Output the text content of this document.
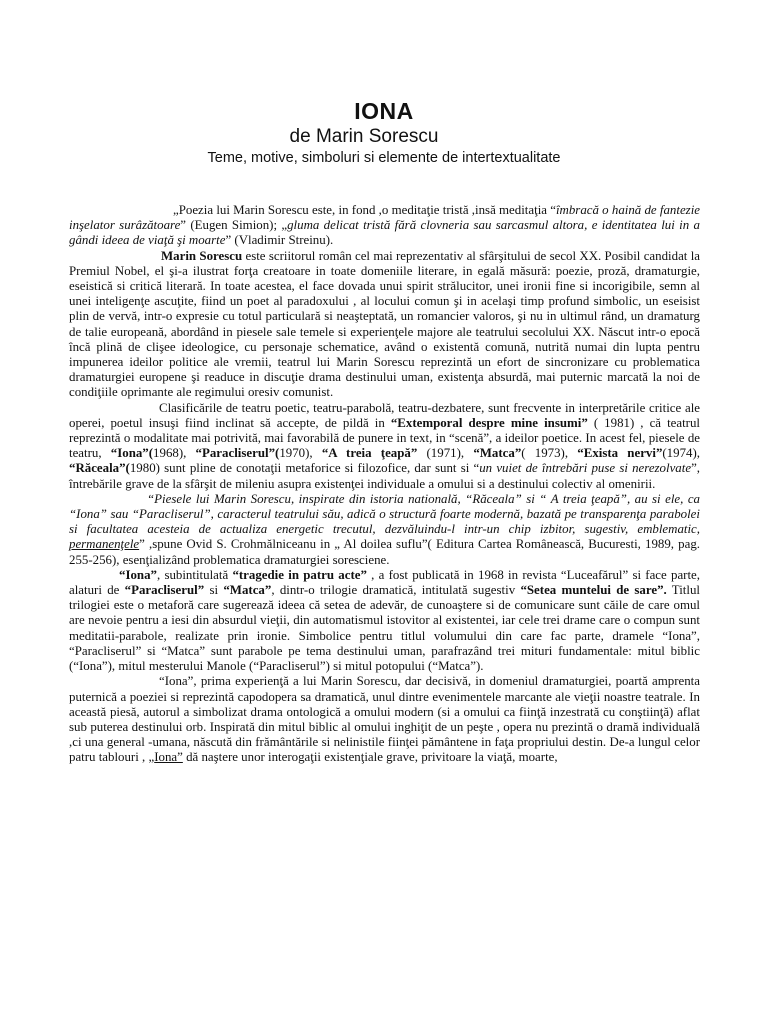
IONA
de Marin Sorescu
Teme, motive, simboluri si elemente de intertextualitate

„Poezia lui Marin Sorescu este, in fond ,o meditaţie tristă ,insă meditaţia “îmbracă o haină de fantezie inşelator surâzătoare” (Eugen Simion); „gluma delicat tristă fără clovneria sau sarcasmul altora, e identitatea lui in a gândi ideea de viaţă şi moarte” (Vladimir Streinu).

Marin Sorescu este scriitorul român cel mai reprezentativ al sfârşitului de secol XX. Posibil candidat la Premiul Nobel, el şi-a ilustrat forţa creatoare in toate domeniile literare, in egală măsură: poezie, proză, dramaturgie, eseistică si critică literară. In toate acestea, el face dovada unui spirit strălucitor, unei ironii fine si incorigibile, semn al unei inteligenţe ascuţite, fiind un poet al paradoxului , al locului comun şi in acelaşi timp profund simbolic, un eseisist plin de vervă, intr-o expresie cu totul particulară si neaşteptată, un romancier valoros, şi nu in ultimul rând, un dramaturg de talie europeană, abordând in piesele sale temele si experienţele majore ale teatrului secolului XX. Născut intr-o epocă încă plină de clişee ideologice, cu personaje schematice, având o existentă comună, nutrită numai din lupta pentru impunerea ideilor politice ale vremii, teatrul lui Marin Sorescu reprezintă un efort de sincronizare cu problematica dramaturgiei europene şi readuce in discuţie drama destinului uman, existenţa absurdă, mai puternic marcată la noi de condiţiile oprimante ale regimului oresiv comunist.

Clasificările de teatru poetic, teatru-parabolă, teatru-dezbatere, sunt frecvente in interpretările critice ale operei, poetul insuşi fiind inclinat să accepte, de pildă in “Extemporal despre mine insumi” ( 1981) , că teatrul reprezintă o modalitate mai potrivită, mai favorabilă de punere in text, in “scenă”, a ideilor poetice. In acest fel, piesele de teatru, “Iona”(1968), “Paracliserul”(1970), “A treia ţeapă” (1971), “Matca”( 1973), “Exista nervi”(1974), “Răceala”(1980) sunt pline de conotaţii metaforice si filozofice, dar sunt si “un vuiet de întrebări puse si nerezolvate”, întrebările grave de la sfârşit de mileniu asupra existenţei individuale a omului si a destinului colectiv al omenirii.

“Piesele lui Marin Sorescu, inspirate din istoria natională, “Răceala” si “ A treia ţeapă”, au si ele, ca “Iona” sau “Paracliserul”, caracterul teatrului său, adică o structură foarte modernă, bazată pe transparenţa parabolei si facultatea acesteia de actualiza energetic trecutul, dezvăluindu-l intr-un chip izbitor, sugestiv, emblematic, permanenţele” ,spune Ovid S. Crohmălniceanu in „ Al doilea suflu”( Editura Cartea Românească, Bucuresti, 1989, pag. 255-256), esenţializând problematica dramaturgiei soresciene.

“Iona”, subintitulată “tragedie in patru acte” , a fost publicată in 1968 in revista “Luceafărul” si face parte, alaturi de “Paracliserul” si “Matca”, dintr-o trilogie dramatică, intitulată sugestiv “Setea muntelui de sare”. Titlul trilogiei este o metaforă care sugerează ideea că setea de adevăr, de cunoaştere si de comunicare sunt căile de care omul are nevoie pentru a iesi din absurdul vieţii, din automatismul istovitor al existentei, iar cele trei drame care o compun sunt meditatii-parabole, realizate prin ironie. Simbolice pentru titlul volumului din care fac parte, dramele “Iona”, “Paracliserul” si “Matca” sunt parabole pe tema destinului uman, parafrazând trei mituri fundamentale: mitul biblic (“Iona”), mitul mesterului Manole (“Paracliserul”) si mitul potopului (“Matca”).

“Iona”, prima experienţă a lui Marin Sorescu, dar decisivă, in domeniul dramaturgiei, poartă amprenta puternică a poeziei si reprezintă capodopera sa dramatică, unul dintre evenimentele marcante ale vieţii noastre teatrale. In această piesă, autorul a simbolizat drama ontologică a omului modern (si a omului ca fiinţă inzestrată cu conştiinţă) aflat sub puterea destinului orb. Inspirată din mitul biblic al omului inghiţit de un peşte , opera nu prezintă o dramă individuală ,ci una general -umana, născută din frământările si nelinistile fiinţei pământene in faţa propriului destin. De-a lungul celor patru tablouri , „Iona” dă naştere unor interogaţii existenţiale grave, privitoare la viaţă, moarte,
